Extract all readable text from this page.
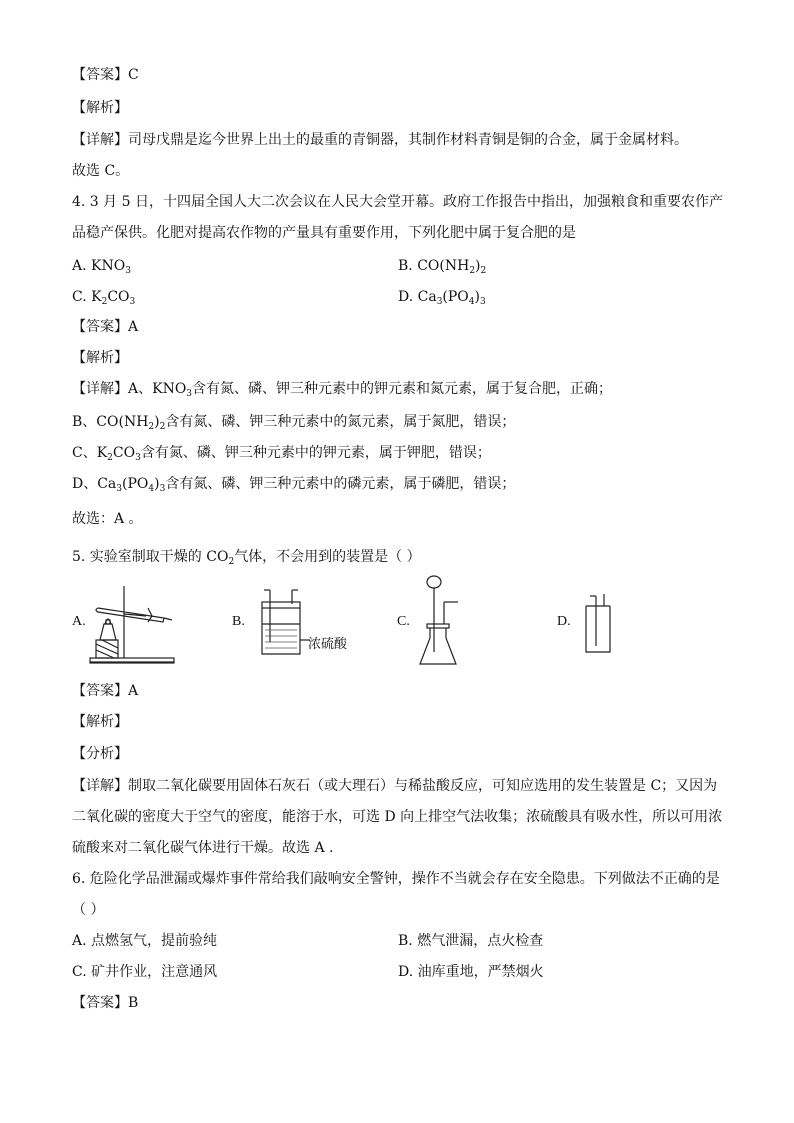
【答案】C
【解析】
【详解】司母戊鼎是迄今世界上出土的最重的青铜器，其制作材料青铜是铜的合金，属于金属材料。
故选 C。
4. 3 月 5 日，十四届全国人大二次会议在人民大会堂开幕。政府工作报告中指出，加强粮食和重要农作产
品稳产保供。化肥对提高农作物的产量具有重要作用，下列化肥中属于复合肥的是
A. $KNO_3$	B. $CO(NH_2)_2$
C. $K_2CO_3$	D. $Ca_3(PO_4)_3$
【答案】A
【解析】
【详解】A、$KNO_3$含有氮、磷、钾三种元素中的钾元素和氮元素，属于复合肥，正确；
B、$CO(NH_2)_2$含有氮、磷、钾三种元素中的氮元素，属于氮肥，错误；
C、$K_2CO_3$含有氮、磷、钾三种元素中的钾元素，属于钾肥，错误；
D、$Ca_3(PO_4)_3$含有氮、磷、钾三种元素中的磷元素，属于磷肥，错误；
故选：A 。
5. 实验室制取干燥的 $CO_2$气体，不会用到的装置是（ ）
A.	B.	C.	D.
浓硫酸
【答案】A
【解析】
【分析】
【详解】制取二氧化碳要用固体石灰石（或大理石）与稀盐酸反应，可知应选用的发生装置是 C；又因为
二氧化碳的密度大于空气的密度，能溶于水，可选 D 向上排空气法收集；浓硫酸具有吸水性，所以可用浓
硫酸来对二氧化碳气体进行干燥。故选 A .
6. 危险化学品泄漏或爆炸事件常给我们敲响安全警钟，操作不当就会存在安全隐患。下列做法不正确的是
（ ）
A. 点燃氢气，提前验纯	B. 燃气泄漏，点火检查
C. 矿井作业，注意通风	D. 油库重地，严禁烟火
【答案】B
